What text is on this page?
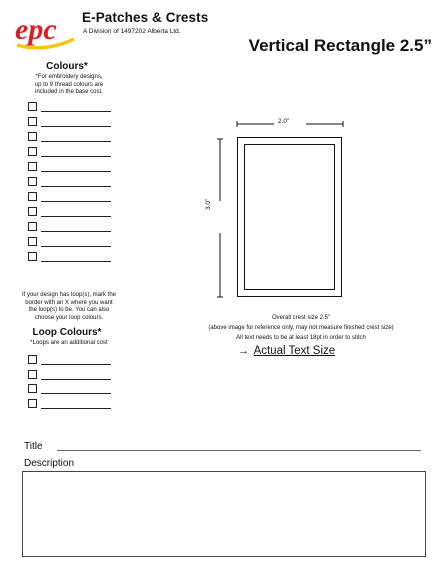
epc E-Patches & Crests
A Division of 1497202 Alberta Ltd.
Vertical Rectangle 2.5”
Colours*
*For embroidery designs,
up to 9 thread colours are
included in the base cost.
If your design has loop(s), mark the
border with an X where you want
the loop(s) to be. You can also
choose your loop colours.
Loop Colours*
*Loops are an additional cost
2.0”
3.0”
Overall crest size 2.5”
(above image for reference only, may not measure finished crest size)
All text needs to be at least 18pt in order to stitch
→ Actual Text Size
Title
Description
